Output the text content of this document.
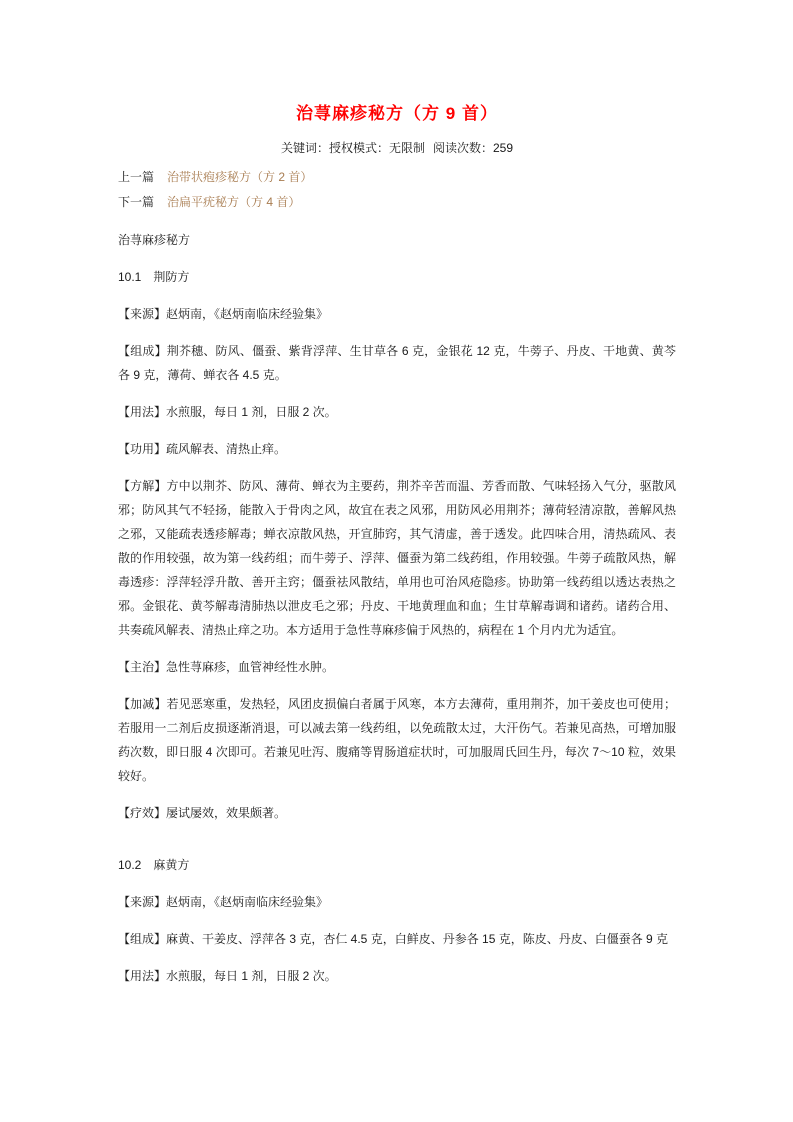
治荨麻疹秘方（方 9 首）
关键词：授权模式：无限制 阅读次数：259
上一篇 治带状疱疹秘方（方 2 首）
下一篇 治扁平疣秘方（方 4 首）

治荨麻疹秘方

10.1　荆防方

【来源】赵炳南，《赵炳南临床经验集》

【组成】荆芥穗、防风、僵蚕、紫背浮萍、生甘草各 6 克，金银花 12 克，牛蒡子、丹皮、干地黄、黄芩各 9 克，薄荷、蝉衣各 4.5 克。

【用法】水煎服，每日 1 剂，日服 2 次。

【功用】疏风解表、清热止痒。

【方解】方中以荆芥、防风、薄荷、蝉衣为主要药，荆芥辛苦而温、芳香而散、气味轻扬入气分，驱散风邪；防风其气不轻扬，能散入于骨肉之风，故宜在表之风邪，用防风必用荆芥；薄荷轻清凉散，善解风热之邪，又能疏表透疹解毒；蝉衣凉散风热，开宣肺窍，其气清虚，善于透发。此四味合用，清热疏风、表散的作用较强，故为第一线药组；而牛蒡子、浮萍、僵蚕为第二线药组，作用较强。牛蒡子疏散风热，解毒透疹：浮萍轻浮升散、善开主窍；僵蚕祛风散结，单用也可治风疮隐疹。协助第一线药组以透达表热之邪。金银花、黄芩解毒清肺热以泄皮毛之邪；丹皮、干地黄理血和血；生甘草解毒调和诸药。诸药合用、共奏疏风解表、清热止痒之功。本方适用于急性荨麻疹偏于风热的，病程在 1 个月内尤为适宜。

【主治】急性荨麻疹，血管神经性水肿。

【加减】若见恶寒重，发热轻，风团皮损偏白者属于风寒，本方去薄荷，重用荆芥，加干姜皮也可使用；若服用一二剂后皮损逐渐消退，可以减去第一线药组，以免疏散太过，大汗伤气。若兼见高热，可增加服药次数，即日服 4 次即可。若兼见吐泻、腹痛等胃肠道症状时，可加服周氏回生丹，每次 7～10 粒，效果较好。

【疗效】屡试屡效，效果颇著。

10.2　麻黄方

【来源】赵炳南，《赵炳南临床经验集》

【组成】麻黄、干姜皮、浮萍各 3 克，杏仁 4.5 克，白鲜皮、丹参各 15 克，陈皮、丹皮、白僵蚕各 9 克

【用法】水煎服，每日 1 剂，日服 2 次。
